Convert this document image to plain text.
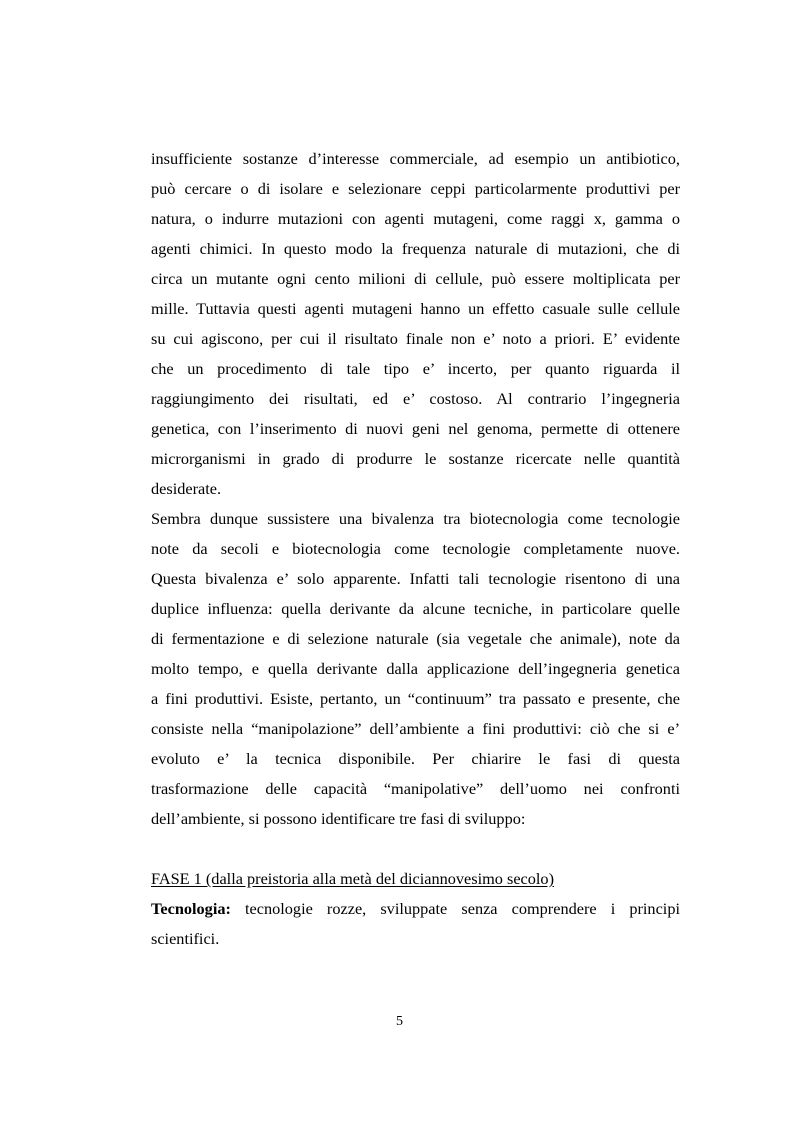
insufficiente sostanze d’interesse commerciale, ad esempio un antibiotico,
può cercare o di isolare e selezionare ceppi particolarmente produttivi per
natura, o indurre mutazioni con agenti mutageni, come raggi x, gamma o
agenti chimici. In questo modo la frequenza naturale di mutazioni, che di
circa un mutante ogni cento milioni di cellule, può essere moltiplicata per
mille. Tuttavia questi agenti mutageni hanno un effetto casuale sulle cellule
su cui agiscono, per cui il risultato finale non e’ noto a priori. E’ evidente
che un procedimento di tale tipo e’ incerto, per quanto riguarda il
raggiungimento dei risultati, ed e’ costoso. Al contrario l’ingegneria
genetica, con l’inserimento di nuovi geni nel genoma, permette di ottenere
microrganismi in grado di produrre le sostanze ricercate nelle quantità
desiderate.
Sembra dunque sussistere una bivalenza tra biotecnologia come tecnologie
note da secoli e biotecnologia come tecnologie completamente nuove.
Questa bivalenza e’ solo apparente. Infatti tali tecnologie risentono di una
duplice influenza: quella derivante da alcune tecniche, in particolare quelle
di fermentazione e di selezione naturale (sia vegetale che animale), note da
molto tempo, e quella derivante dalla applicazione dell’ingegneria genetica
a fini produttivi. Esiste, pertanto, un “continuum” tra passato e presente, che
consiste nella “manipolazione” dell’ambiente a fini produttivi: ciò che si e’
evoluto e’ la tecnica disponibile. Per chiarire le fasi di questa
trasformazione delle capacità “manipolative” dell’uomo nei confronti
dell’ambiente, si possono identificare tre fasi di sviluppo:
FASE 1 (dalla preistoria alla metà del diciannovesimo secolo)
Tecnologia: tecnologie rozze, sviluppate senza comprendere i principi
scientifici.
5
